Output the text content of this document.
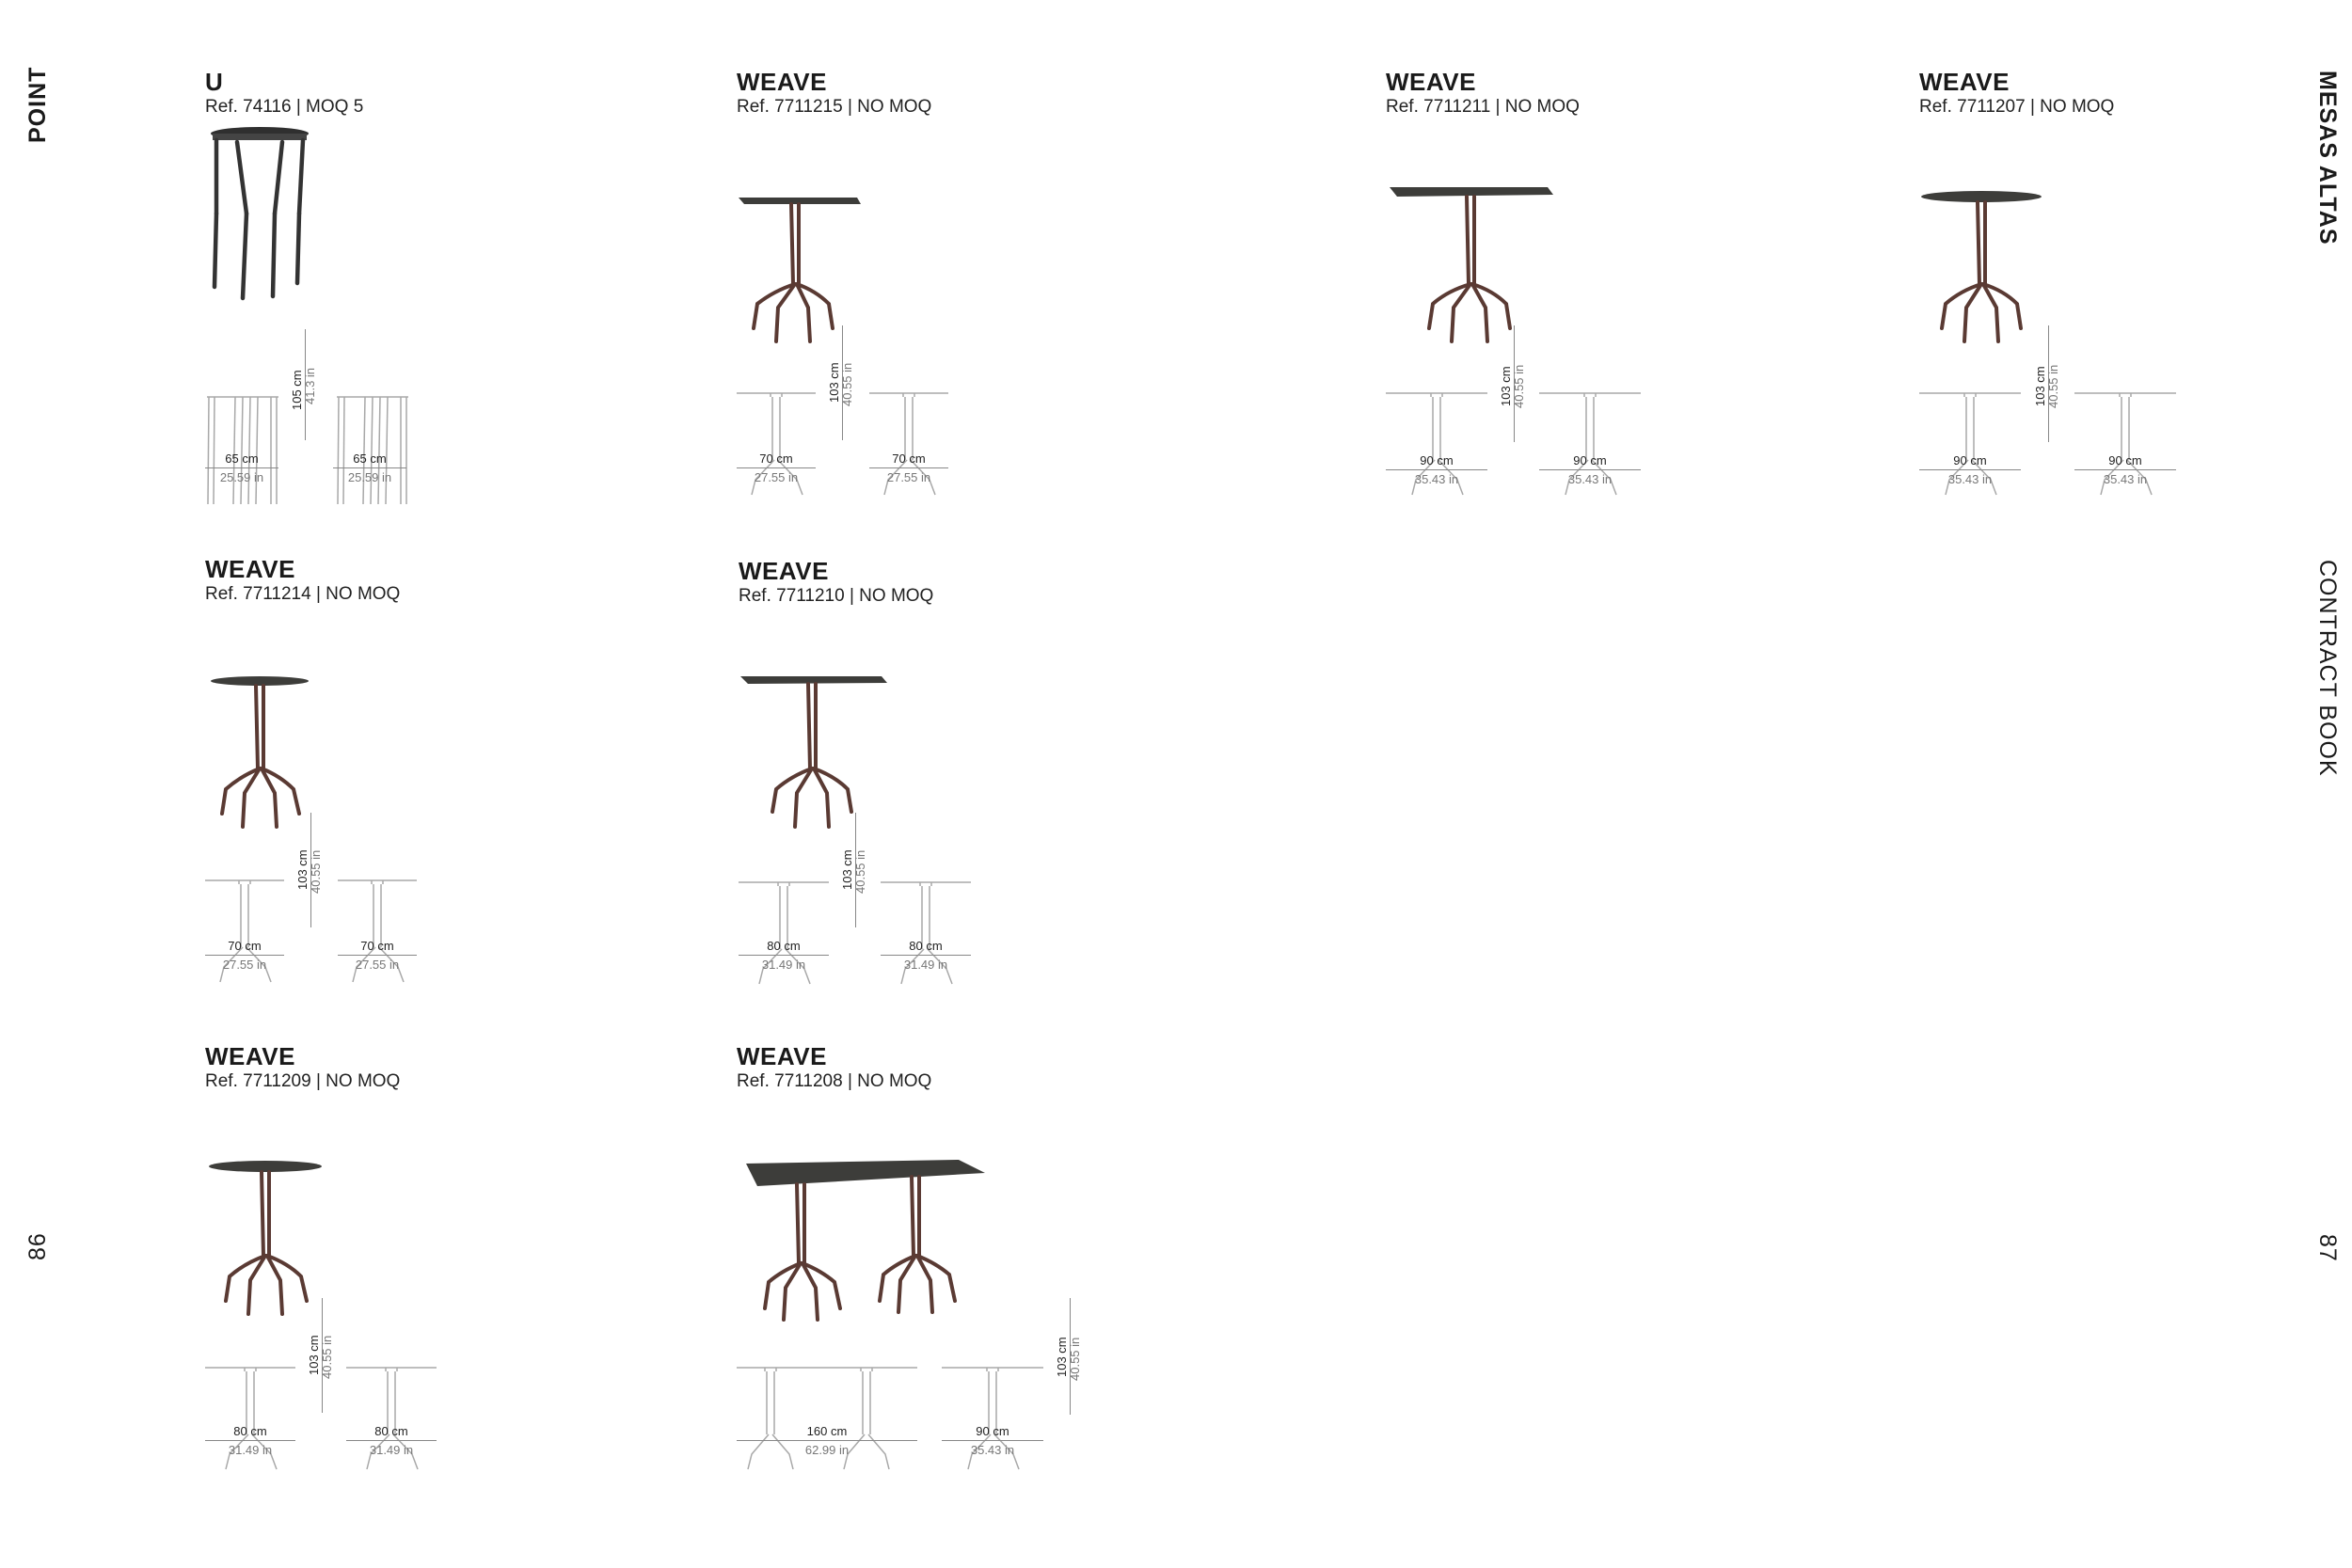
POINT
86
MESAS ALTAS
CONTRACT BOOK
87
U
Ref. 74116 | MOQ 5
65 cm
25.59 in
65 cm
25.59 in
105 cm 41.3 in
WEAVE
Ref. 7711215 | NO MOQ
70 cm
27.55 in
70 cm
27.55 in
103 cm 40.55 in
WEAVE
Ref. 7711211 | NO MOQ
90 cm
35.43 in
90 cm
35.43 in
103 cm 40.55 in
WEAVE
Ref. 7711207 | NO MOQ
90 cm
35.43 in
90 cm
35.43 in
103 cm 40.55 in
WEAVE
Ref. 7711214 | NO MOQ
70 cm
27.55 in
70 cm
27.55 in
103 cm 40.55 in
WEAVE
Ref. 7711210 | NO MOQ
80 cm
31.49 in
103 cm 40.55 in
80 cm
31.49 in
WEAVE
Ref. 7711209 | NO MOQ
80 cm
31.49 in
80 cm
31.49 in
103 cm 40.55 in
WEAVE
Ref. 7711208 | NO MOQ
160 cm
62.99 in
90 cm
35.43 in
103 cm 40.55 in
